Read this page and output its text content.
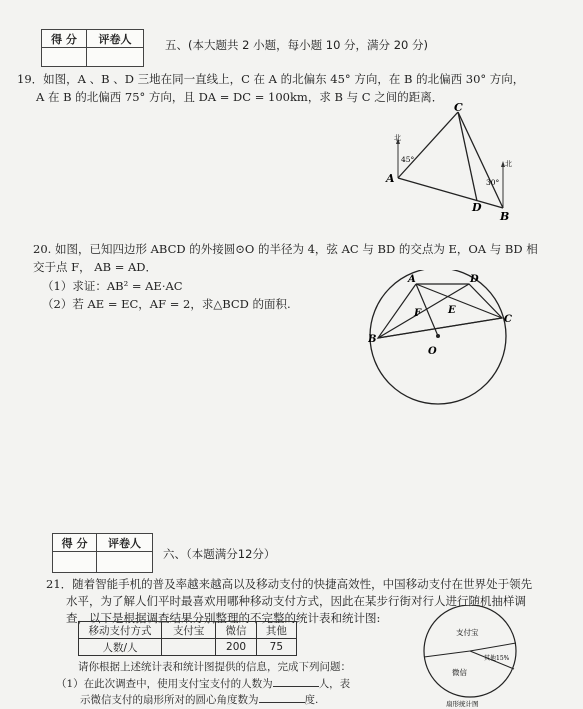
得 分	评卷人
		五、(本大题共 2 小题，每小题 10 分，满分 20 分)
19．如图，A 、B 、D 三地在同一直线上，C 在 A 的北偏东 45° 方向，在 B 的北偏西 30° 方向，
A 在 B 的北偏西 75° 方向，且 DA = DC = 100km，求 B 与 C 之间的距离．
北
北
C
A
D
B
45°
30°
20. 如图，已知四边形 ABCD 的外接圆⊙O 的半径为 4，弦 AC 与 BD 的交点为 E，OA 与 BD 相
交于点 F， AB = AD．
（1）求证：AB² = AE·AC
（2）若 AE = EC，AF = 2，求△BCD 的面积.
A	D
C
B
F	E
O
得 分	评卷人

六、（本题满分12分）
21．随着智能手机的普及率越来越高以及移动支付的快捷高效性，中国移动支付在世界处于领先
水平，为了解人们平时最喜欢用哪种移动支付方式，因此在某步行街对行人进行随机抽样调
查，以下是根据调查结果分别整理的不完整的统计表和统计图:
移动支付方式	支付宝	微信	其他
人数/人		200	75
请你根据上述统计表和统计图提供的信息，完成下列问题：
（1）在此次调查中，使用支付宝支付的人数为	人，表
示微信支付的扇形所对的圆心角度数为	度.
支付宝
微信
其他15%
扇形统计图
